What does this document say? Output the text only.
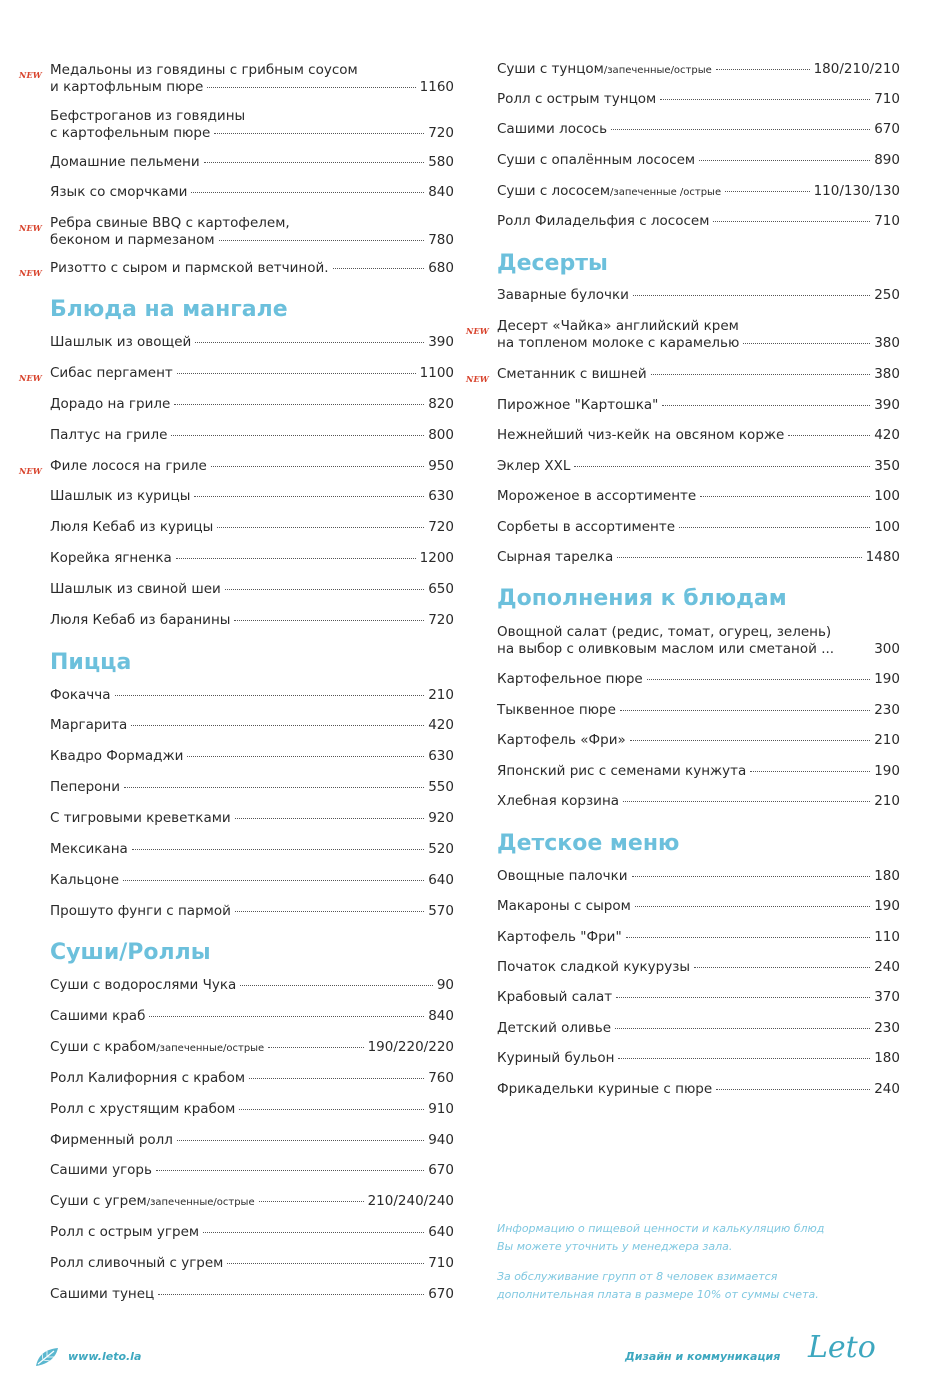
NEW Медальоны из говядины с грибным соусом
и картофльным пюре	1160
Бефстроганов из говядины
с картофельным пюре	720
Домашние пельмени	580
Язык со сморчками	840
NEW Ребра свиные BBQ с картофелем,
беконом и пармезаном	780
NEW Ризотто с сыром и пармской ветчиной.	680
Блюда на мангале
Шашлык из овощей	390
NEW Сибас пергамент	1100
Дорадо на гриле	820
Палтус на гриле	800
NEW Филе лосося на гриле	950
Шашлык из курицы	630
Люля Кебаб из курицы	720
Корейка ягненка	1200
Шашлык из свиной шеи	650
Люля Кебаб из баранины	720
Пицца
Фокачча	210
Маргарита	420
Квадро Формаджи	630
Пеперони	550
С тигровыми креветками	920
Мексикана	520
Кальцоне	640
Прошуто фунги с пармой	570
Суши/Роллы
Суши с водорослями Чука	90
Сашими краб	840
Суши с крабом /запеченные/острые	190/220/220
Ролл Калифорния с крабом	760
Ролл с хрустящим крабом	910
Фирменный ролл	940
Сашими угорь	670
Суши с угрем /запеченные/острые	210/240/240
Ролл с острым угрем	640
Ролл сливочный с угрем	710
Сашими тунец	670
Суши с тунцом /запеченные/острые	180/210/210
Ролл с острым тунцом	710
Сашими лосось	670
Суши с опалённым лососем	890
Суши с лососем /запеченные /острые	110/130/130
Ролл Филадельфия с лососем	710
Десерты
Заварные булочки	250
NEW Десерт «Чайка» английский крем
на топленом молоке с карамелью	380
NEW Сметанник с вишней	380
Пирожное "Картошка"	390
Нежнейший чиз-кейк на овсяном корже	420
Эклер XXL	350
Мороженое в ассортименте	100
Сорбеты в ассортименте	100
Сырная тарелка	1480
Дополнения к блюдам
Овощной салат (редис, томат, огурец, зелень)
на выбор с оливковым маслом или сметаной ...	300
Картофельное пюре	190
Тыквенное пюре	230
Картофель «Фри»	210
Японский рис с семенами кунжута	190
Хлебная корзина	210
Детское меню
Овощные палочки	180
Макароны с сыром	190
Картофель "Фри"	110
Початок сладкой кукурузы	240
Крабовый салат	370
Детский оливье	230
Куриный бульон	180
Фрикадельки куриные с пюре	240
Информацию о пищевой ценности и калькуляцию блюд
Вы можете уточнить у менеджера зала.
За обслуживание групп от 8 человек взимается
дополнительная плата в размере 10% от суммы счета.
www.leto.la	Дизайн и коммуникация Leto
